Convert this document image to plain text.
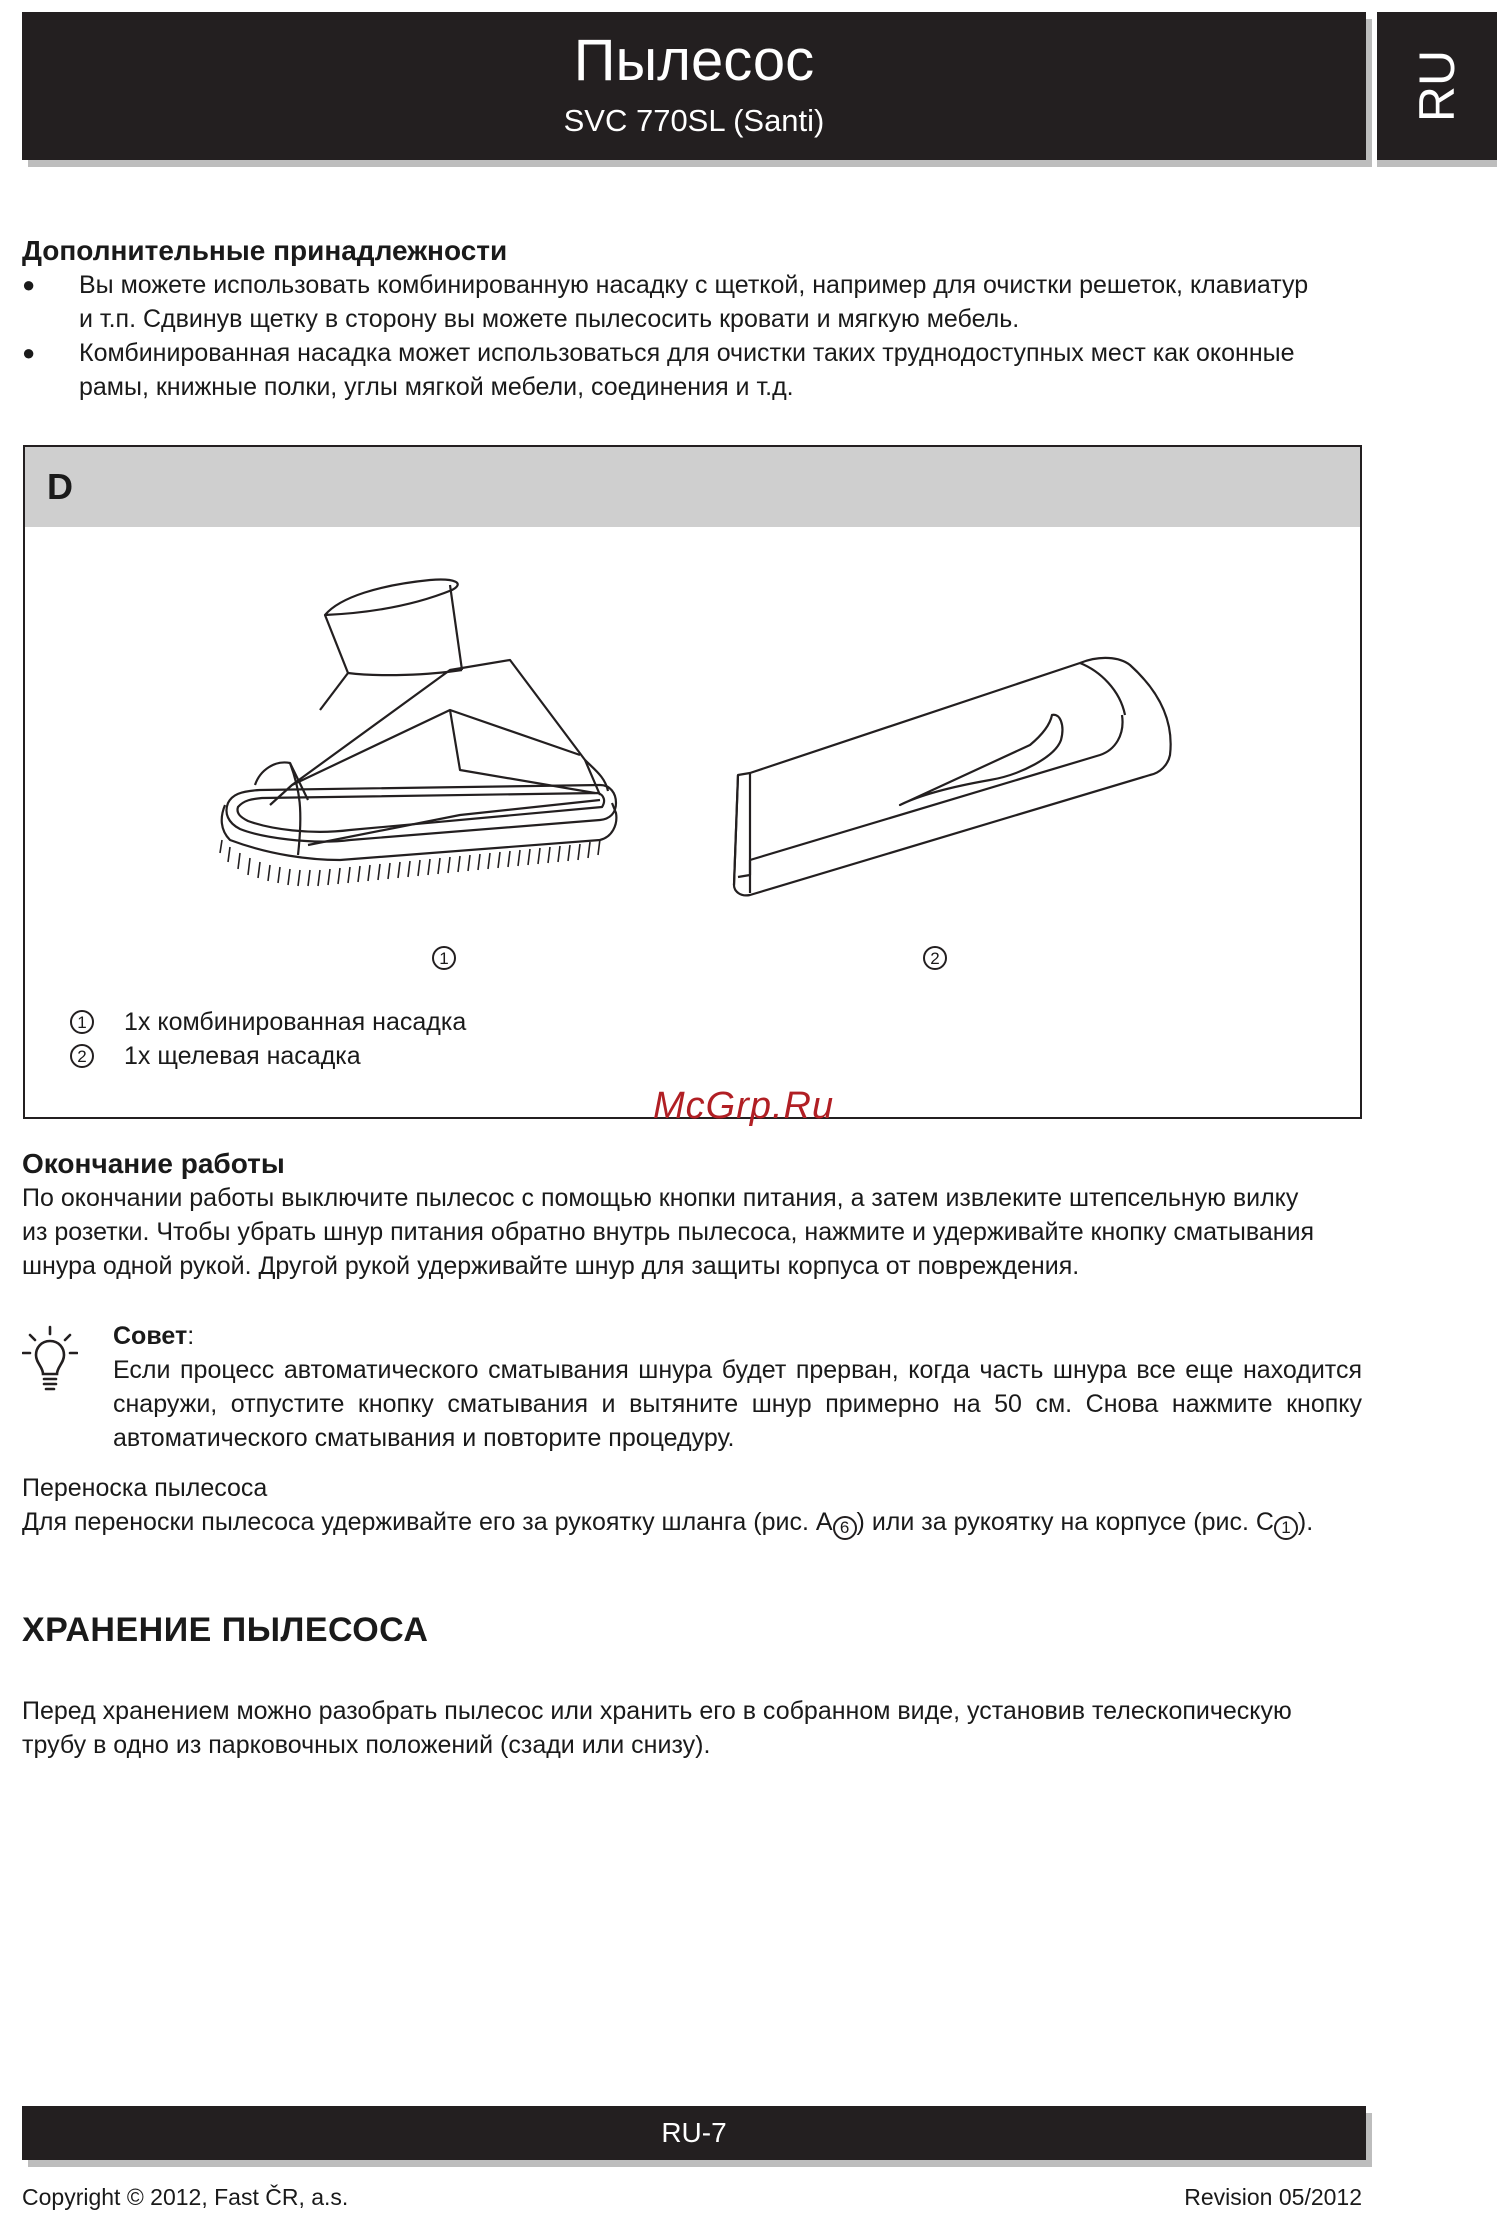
Пылесос
SVC 770SL (Santi)	RU
Дополнительные принадлежности
● Вы можете использовать комбинированную насадку с щеткой, например для очистки решеток, клавиатур
и т.п. Сдвинув щетку в сторону вы можете пылесосить кровати и мягкую мебель.
● Комбинированная насадка может использоваться для очистки таких труднодоступных мест как оконные
рамы, книжные полки, углы мягкой мебели, соединения и т.д.
D
1	2
1 1x комбинированная насадка
2 1x щелевая насадка
McGrp.Ru
Окончание работы
По окончании работы выключите пылесос с помощью кнопки питания, а затем извлеките штепсельную вилку
из розетки. Чтобы убрать шнур питания обратно внутрь пылесоса, нажмите и удерживайте кнопку сматывания
шнура одной рукой. Другой рукой удерживайте шнур для защиты корпуса от повреждения.
Совет:
Если процесс автоматического сматывания шнура будет прерван, когда часть шнура все еще находится
снаружи, отпустите кнопку сматывания и вытяните шнур примерно на 50 см. Снова нажмите кнопку
автоматического сматывания и повторите процедуру.
Переноска пылесоса
Для переноски пылесоса удерживайте его за рукоятку шланга (рис. A 6 ) или за рукоятку на корпусе (рис. C 1 ).
ХРАНЕНИЕ ПЫЛЕСОСА
Перед хранением можно разобрать пылесос или хранить его в собранном виде, установив телескопическую
трубу в одно из парковочных положений (сзади или снизу).
RU-7
Copyright © 2012, Fast ČR, a.s.	Revision 05/2012
